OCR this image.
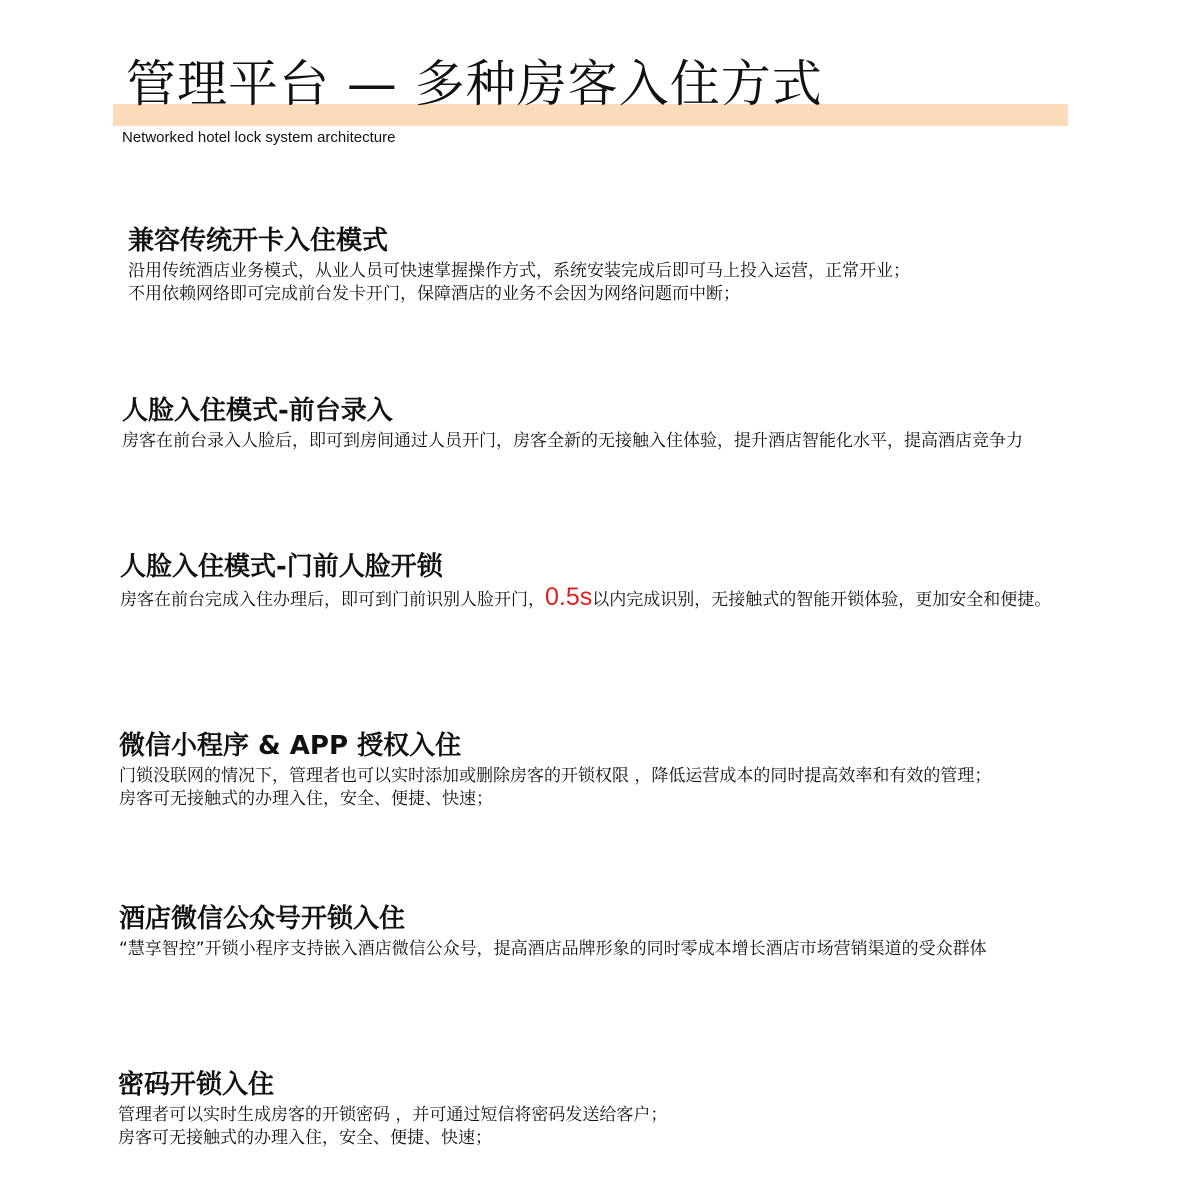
管理平台 — 多种房客入住方式
Networked hotel lock system architecture
兼容传统开卡入住模式

沿用传统酒店业务模式，从业人员可快速掌握操作方式，系统安装完成后即可马上投入运营，正常开业；
不用依赖网络即可完成前台发卡开门，保障酒店的业务不会因为网络问题而中断；

人脸入住模式-前台录入

房客在前台录入人脸后，即可到房间通过人员开门，房客全新的无接触入住体验，提升酒店智能化水平，提高酒店竞争力

人脸入住模式-门前人脸开锁

房客在前台完成入住办理后，即可到门前识别人脸开门，0.5s以内完成识别，无接触式的智能开锁体验，更加安全和便捷。

微信小程序 & APP 授权入住

门锁没联网的情况下，管理者也可以实时添加或删除房客的开锁权限 ，降低运营成本的同时提高效率和有效的管理；
房客可无接触式的办理入住，安全、便捷、快速；

酒店微信公众号开锁入住

“慧享智控”开锁小程序支持嵌入酒店微信公众号，提高酒店品牌形象的同时零成本增长酒店市场营销渠道的受众群体

密码开锁入住

管理者可以实时生成房客的开锁密码 ，并可通过短信将密码发送给客户；
房客可无接触式的办理入住，安全、便捷、快速；
